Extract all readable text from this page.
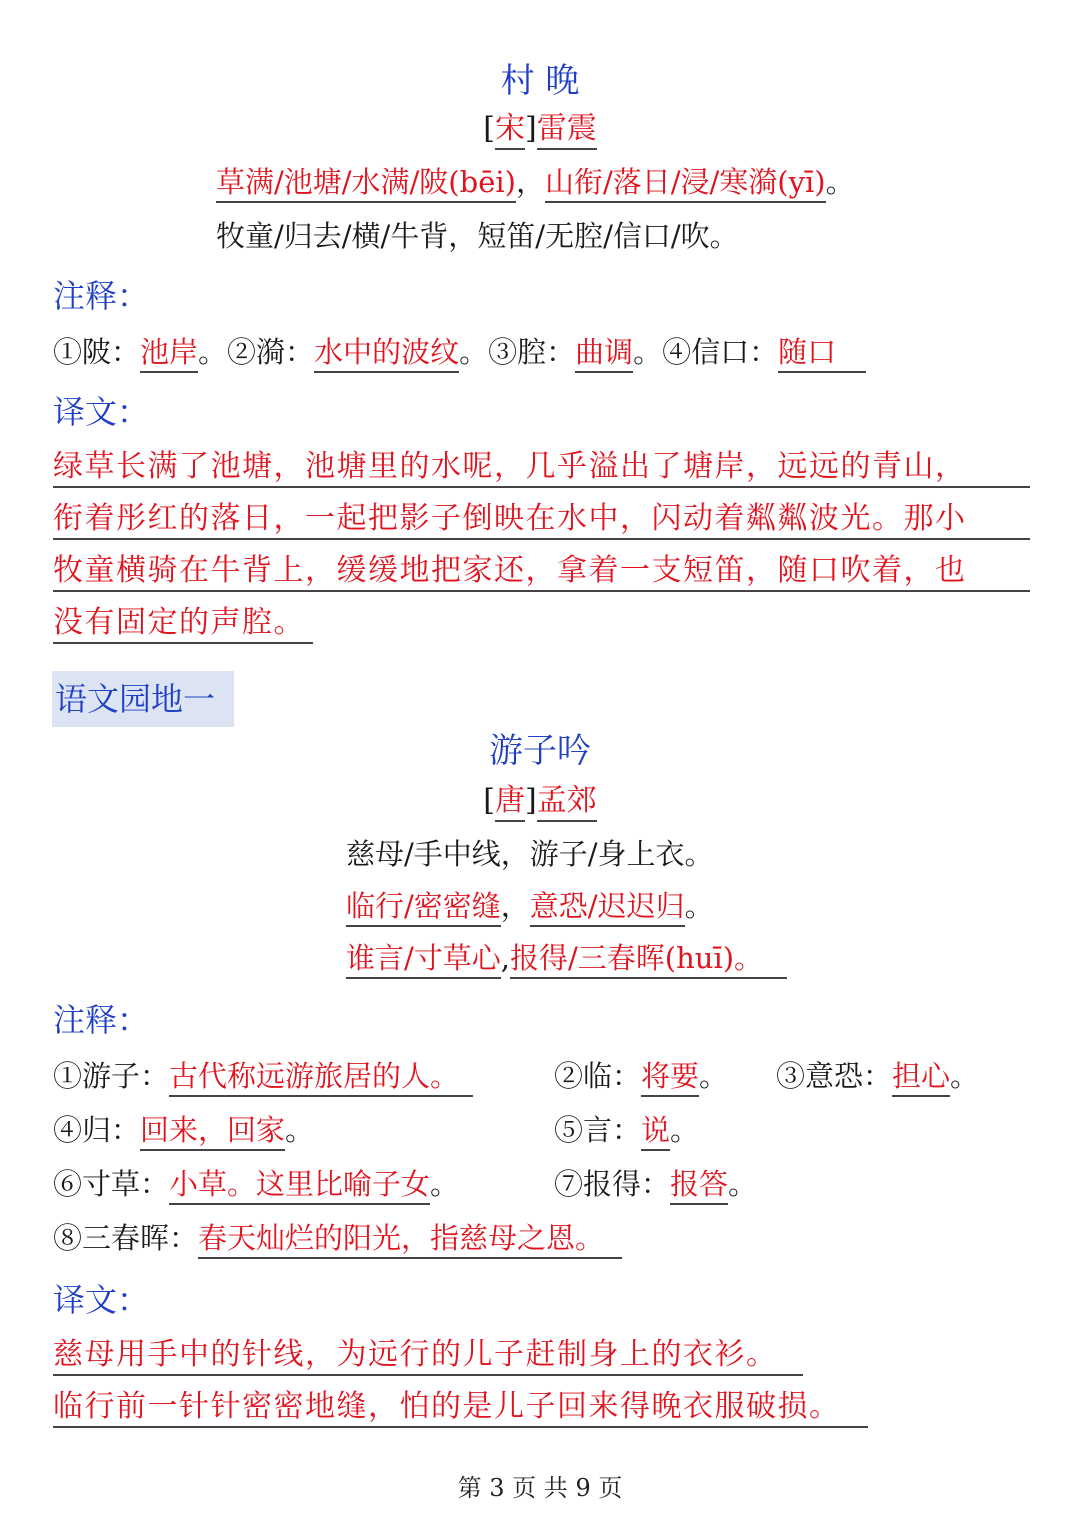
村 晚
[宋]雷震
草满/池塘/水满/陂(bēi)，山衔/落日/浸/寒漪(yī)。
牧童/归去/横/牛背，短笛/无腔/信口/吹。
注释：
①陂：池岸。②漪：水中的波纹。③腔：曲调。④信口：随口
译文：
绿草长满了池塘，池塘里的水呢，几乎溢出了塘岸，远远的青山，
衔着彤红的落日，一起把影子倒映在水中，闪动着粼粼波光。那小
牧童横骑在牛背上，缓缓地把家还，拿着一支短笛，随口吹着，也
没有固定的声腔。
语文园地一
游子吟
[唐]孟郊
慈母/手中线，游子/身上衣。
临行/密密缝，意恐/迟迟归。
谁言/寸草心,报得/三春晖(huī)。
注释：
①游子：古代称远游旅居的人。	②临：将要。 ③意恐：担心。
④归：回来，回家。	⑤言：说。
⑥寸草：小草。这里比喻子女。	⑦报得：报答。
⑧三春晖：春天灿烂的阳光，指慈母之恩。
译文：
慈母用手中的针线，为远行的儿子赶制身上的衣衫。
临行前一针针密密地缝，怕的是儿子回来得晚衣服破损。
第 3 页 共 9 页
